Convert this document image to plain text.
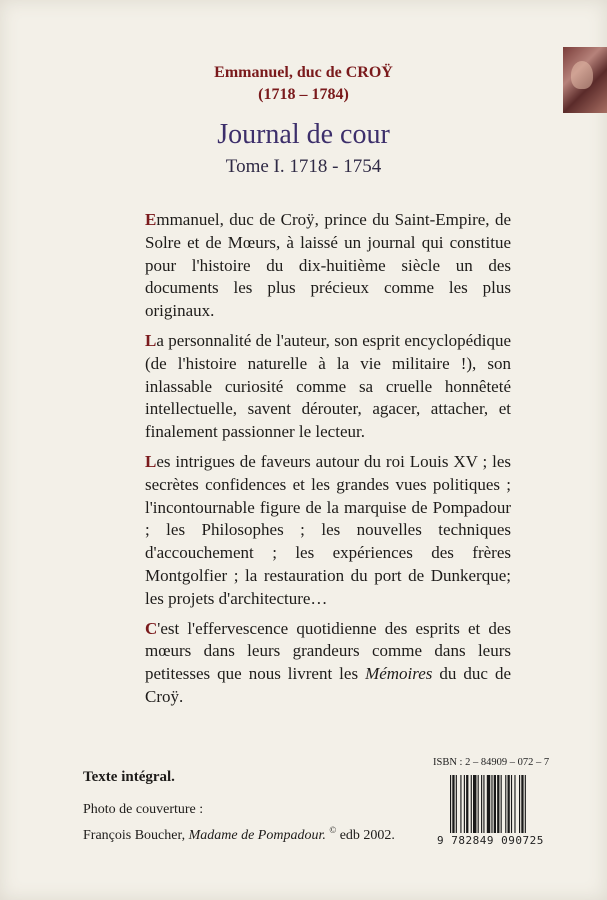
Emmanuel, duc de CROŸ
(1718 – 1784)
Journal de cour
Tome I. 1718 - 1754

Emmanuel, duc de Croÿ, prince du Saint-Empire, de Solre et de Mœurs, à laissé un journal qui constitue pour l'histoire du dix-huitième siècle un des documents les plus précieux comme les plus originaux.

La personnalité de l'auteur, son esprit encyclopédique (de l'histoire naturelle à la vie militaire !), son inlassable curiosité comme sa cruelle honnêteté intellectuelle, savent dérouter, agacer, attacher, et finalement passionner le lecteur.

Les intrigues de faveurs autour du roi Louis XV ; les secrètes confidences et les grandes vues politiques ; l'incontournable figure de la marquise de Pompadour ; les Philosophes ; les nouvelles techniques d'accouchement ; les expériences des frères Montgolfier ; la restauration du port de Dunkerque; les projets d'architecture…

C'est l'effervescence quotidienne des esprits et des mœurs dans leurs grandeurs comme dans leurs petitesses que nous livrent les Mémoires du duc de Croÿ.

Texte intégral.
Photo de couverture :
François Boucher, Madame de Pompadour. © edb 2002.
ISBN : 2 – 84909 – 072 – 7
9 782849 090725
